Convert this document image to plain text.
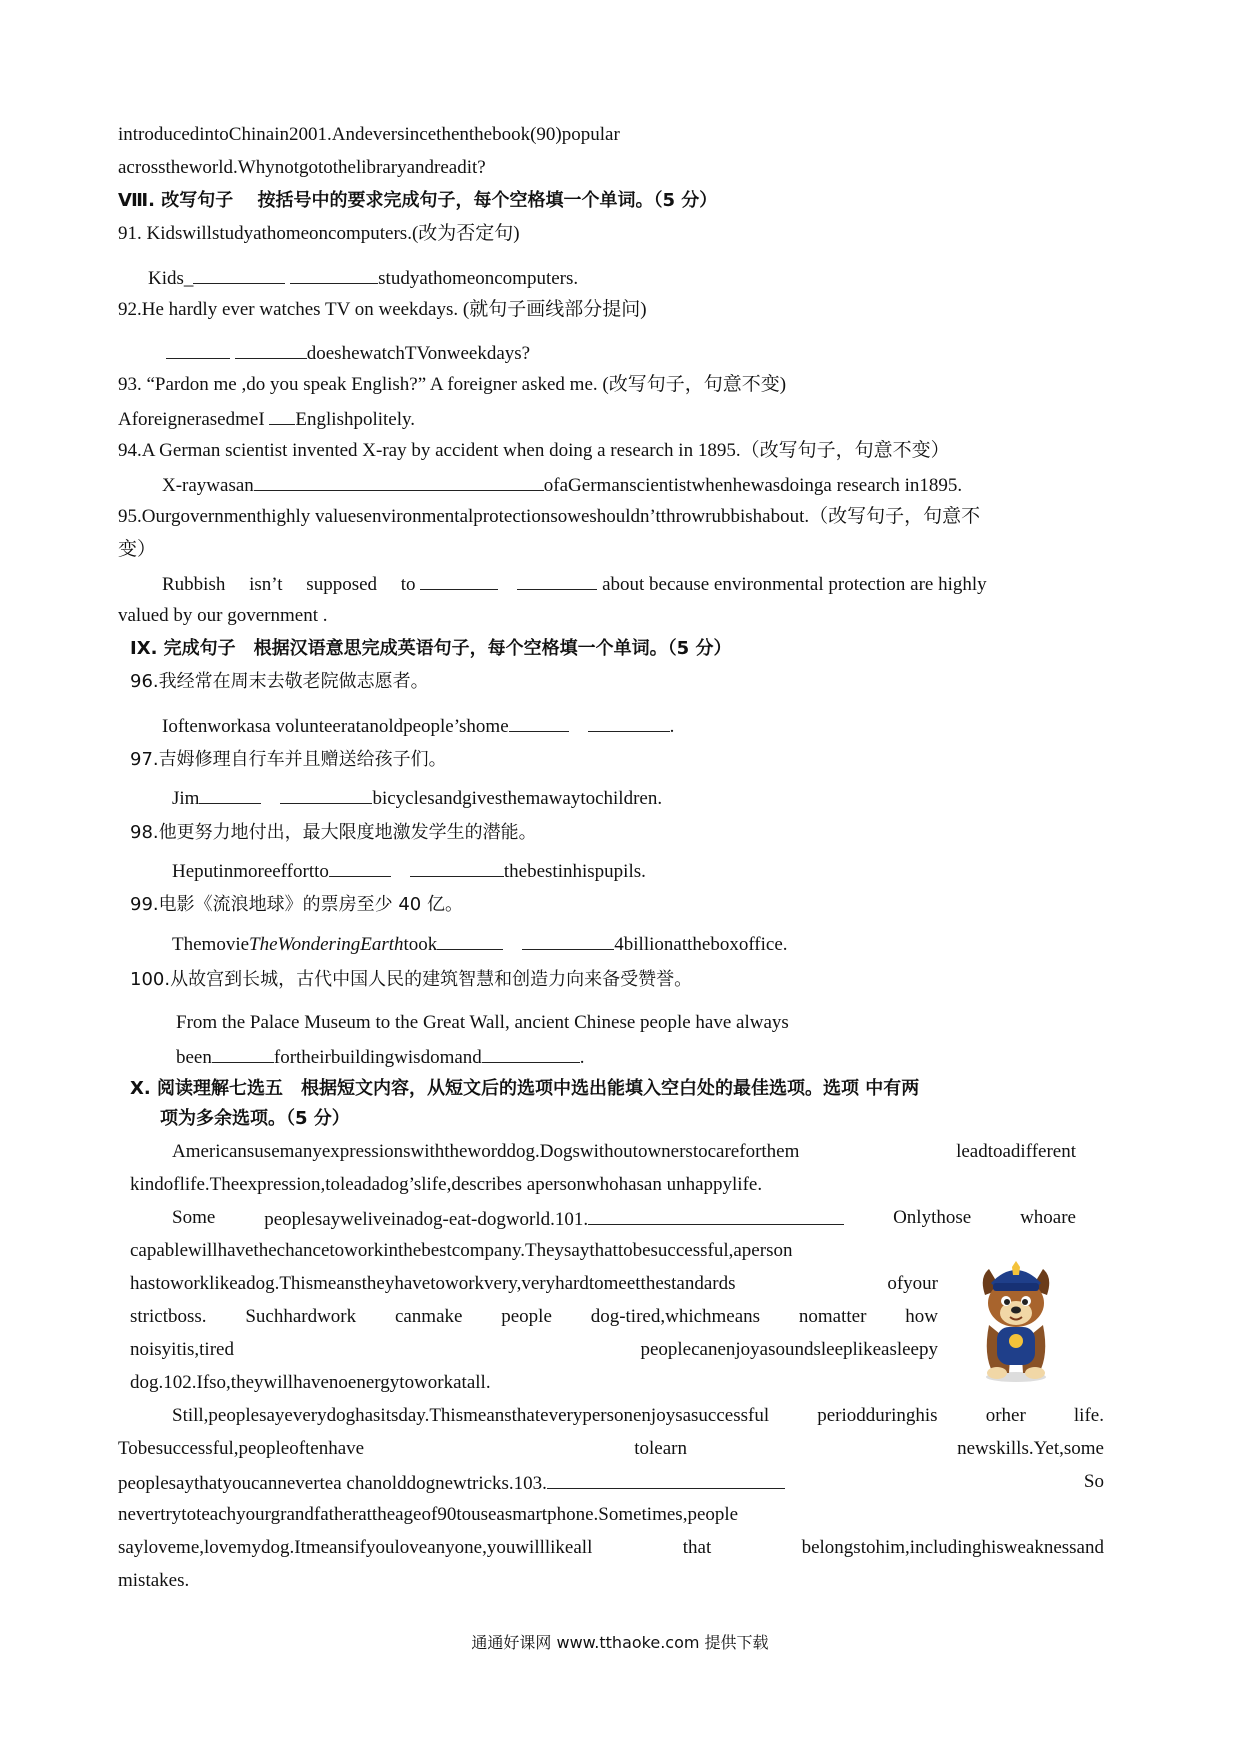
introducedintoChinain2001.Andeversincethenthebook(90)popular
acrosstheworld.Whynotgotothelibraryandreadit?
Ⅷ. 改写句子　 按括号中的要求完成句子，每个空格填一个单词。（5 分）
91. Kidswillstudyathomeoncomputers.(改为否定句)
Kids_	studyathomeoncomputers.
92.He hardly ever watches TV on weekdays. (就句子画线部分提问)
doeshewatchTVonweekdays?
93. “Pardon me ,do you speak English?” A foreigner asked me. (改写句子，句意不变)
AforeignerasedmeI Englishpolitely.
94.A German scientist invented X-ray by accident when doing a research in 1895.（改写句子，句意不变）
X-raywasan	ofaGermanscientistwhenhewasdoinga research in1895.
95.Ourgovernmenthighly valuesenvironmentalprotectionsoweshouldn’tthrowrubbishabout.（改写句子，句意不
变）
Rubbish isn’t supposed to	about because environmental protection are highly
valued by our government .
IX. 完成句子　根据汉语意思完成英语句子，每个空格填一个单词。（5 分）
96.我经常在周末去敬老院做志愿者。
Ioftenworkasa volunteeratanoldpeople’shome	.
97.吉姆修理自行车并且赠送给孩子们。
Jim	bicyclesandgivesthemawaytochildren.
98.他更努力地付出，最大限度地激发学生的潜能。
Heputinmoreeffortto	thebestinhispupils.
99.电影《流浪地球》的票房至少 40 亿。
ThemovieTheWonderingEarthtook	4billionattheboxoffice.
100.从故宫到长城，古代中国人民的建筑智慧和创造力向来备受赞誉。
From the Palace Museum to the Great Wall, ancient Chinese people have always
been	fortheirbuildingwisdomand	.
X. 阅读理解七选五　根据短文内容，从短文后的选项中选出能填入空白处的最佳选项。选项 中有两
项为多余选项。（5 分）
Americansusemanyexpressionswiththeworddog.Dogswithoutownerstocareforthem	leadtoadifferent
kindoflife.Theexpression,toleadadog’slife,describes apersonwhohasan unhappylife.
Some	peoplesayweliveinadog-eat-dogworld.101.	Onlythose	whoare
capablewillhavethechancetoworkinthebestcompany.Theysaythattobesuccessful,aperson
hastoworklikeadog.Thismeanstheyhavetoworkvery,veryhardtomeetthestandards	ofyour
strictboss. Suchhardwork canmake people dog-tired,whichmeans nomatter how
noisyitis,tired	peoplecanenjoyasoundsleeplikeasleepy
dog.102.Ifso,theywillhavenoenergytoworkatall.
Still,peoplesayeverydoghasitsday.Thismeansthateverypersonenjoysasuccessful	periodduringhis	orher	life.
Tobesuccessful,peopleoftenhave	tolearn	newskills.Yet,some
peoplesaythatyoucannevertea chanolddognewtricks.103.	So
nevertrytoteachyourgrandfatherattheageof90touseasmartphone.Sometimes,people
sayloveme,lovemydog.Itmeansifyouloveanyone,youwilllikeall	that	belongstohim,includinghisweaknessand
mistakes.
通通好课网 www.tthaoke.com 提供下载
